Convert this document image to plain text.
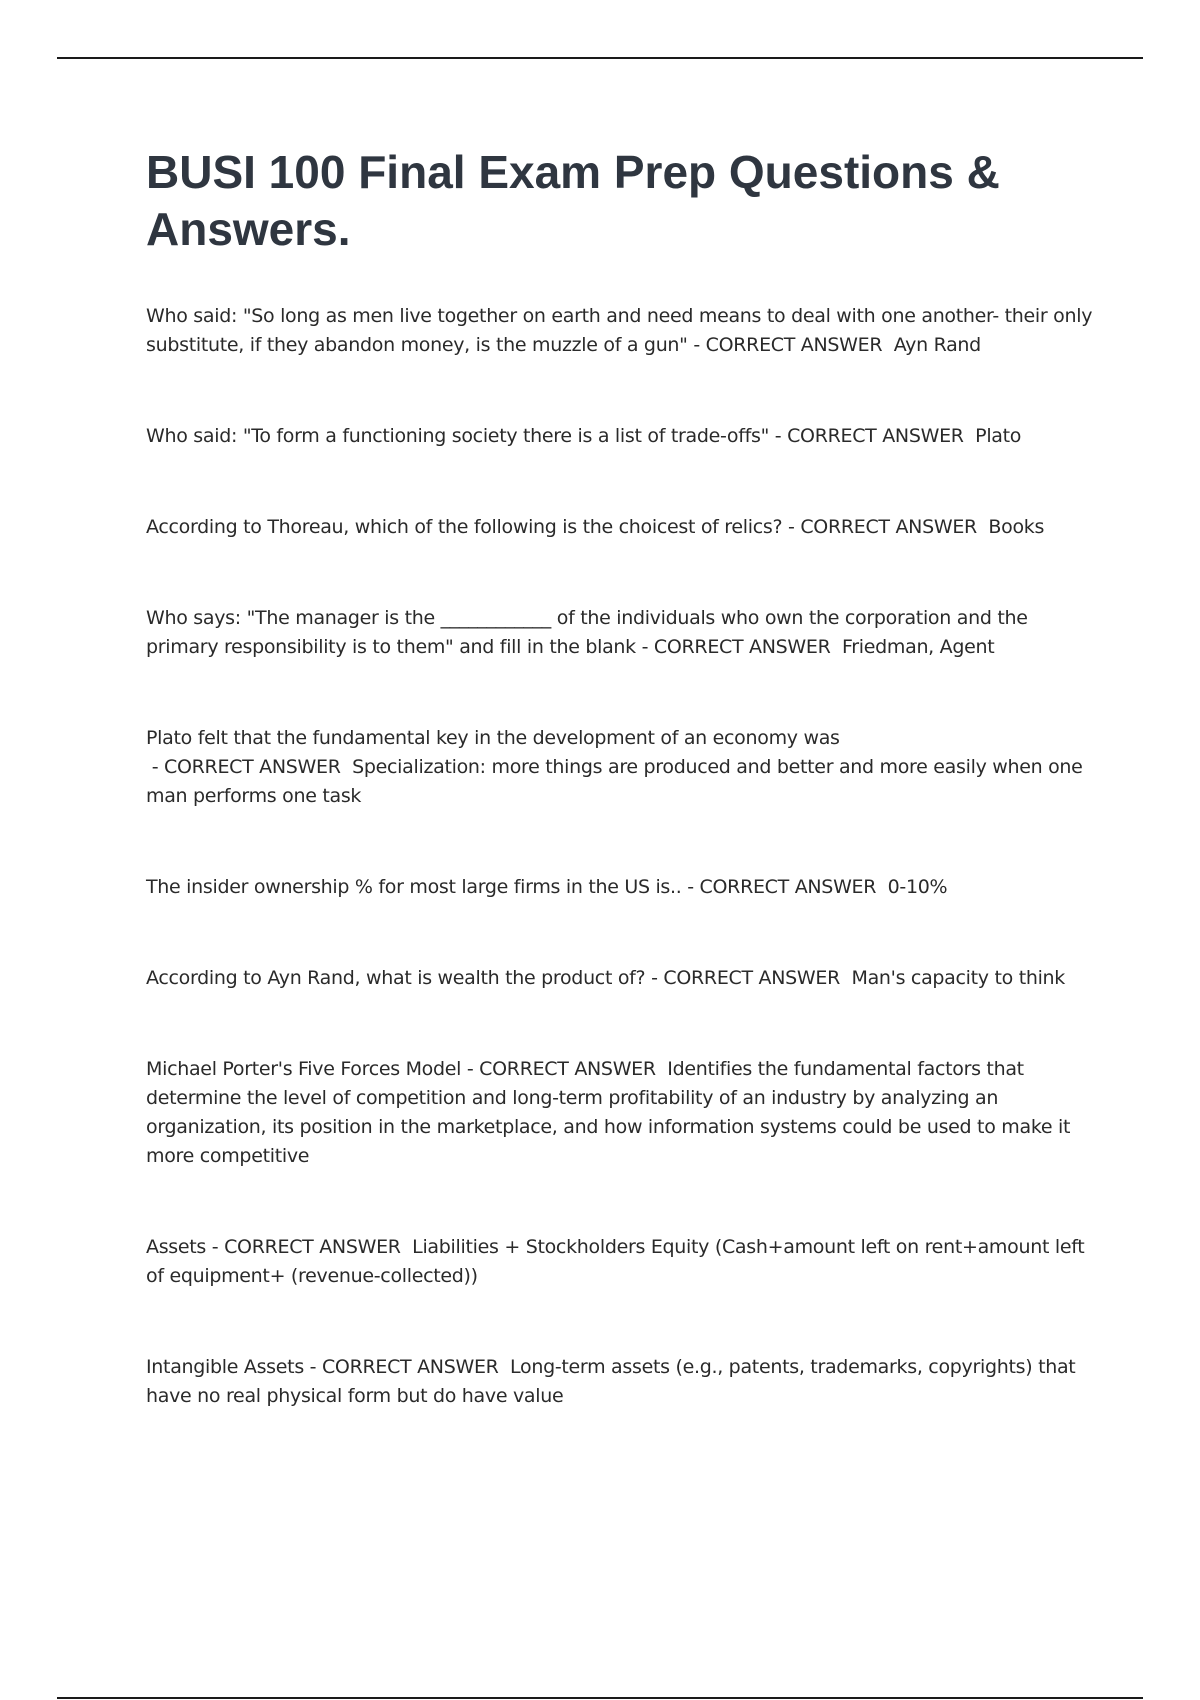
BUSI 100 Final Exam Prep Questions & Answers.
Who said: "So long as men live together on earth and need means to deal with one another- their only substitute, if they abandon money, is the muzzle of a gun" - CORRECT ANSWER  Ayn Rand
Who said: "To form a functioning society there is a list of trade-offs" - CORRECT ANSWER  Plato
According to Thoreau, which of the following is the choicest of relics? - CORRECT ANSWER  Books
Who says: "The manager is the ____________ of the individuals who own the corporation and the primary responsibility is to them" and fill in the blank - CORRECT ANSWER  Friedman, Agent
Plato felt that the fundamental key in the development of an economy was - CORRECT ANSWER  Specialization: more things are produced and better and more easily when one man performs one task
The insider ownership % for most large firms in the US is.. - CORRECT ANSWER  0-10%
According to Ayn Rand, what is wealth the product of? - CORRECT ANSWER  Man's capacity to think
Michael Porter's Five Forces Model - CORRECT ANSWER  Identifies the fundamental factors that determine the level of competition and long-term profitability of an industry by analyzing an organization, its position in the marketplace, and how information systems could be used to make it more competitive
Assets - CORRECT ANSWER  Liabilities + Stockholders Equity (Cash+amount left on rent+amount left of equipment+ (revenue-collected))
Intangible Assets - CORRECT ANSWER  Long-term assets (e.g., patents, trademarks, copyrights) that have no real physical form but do have value
